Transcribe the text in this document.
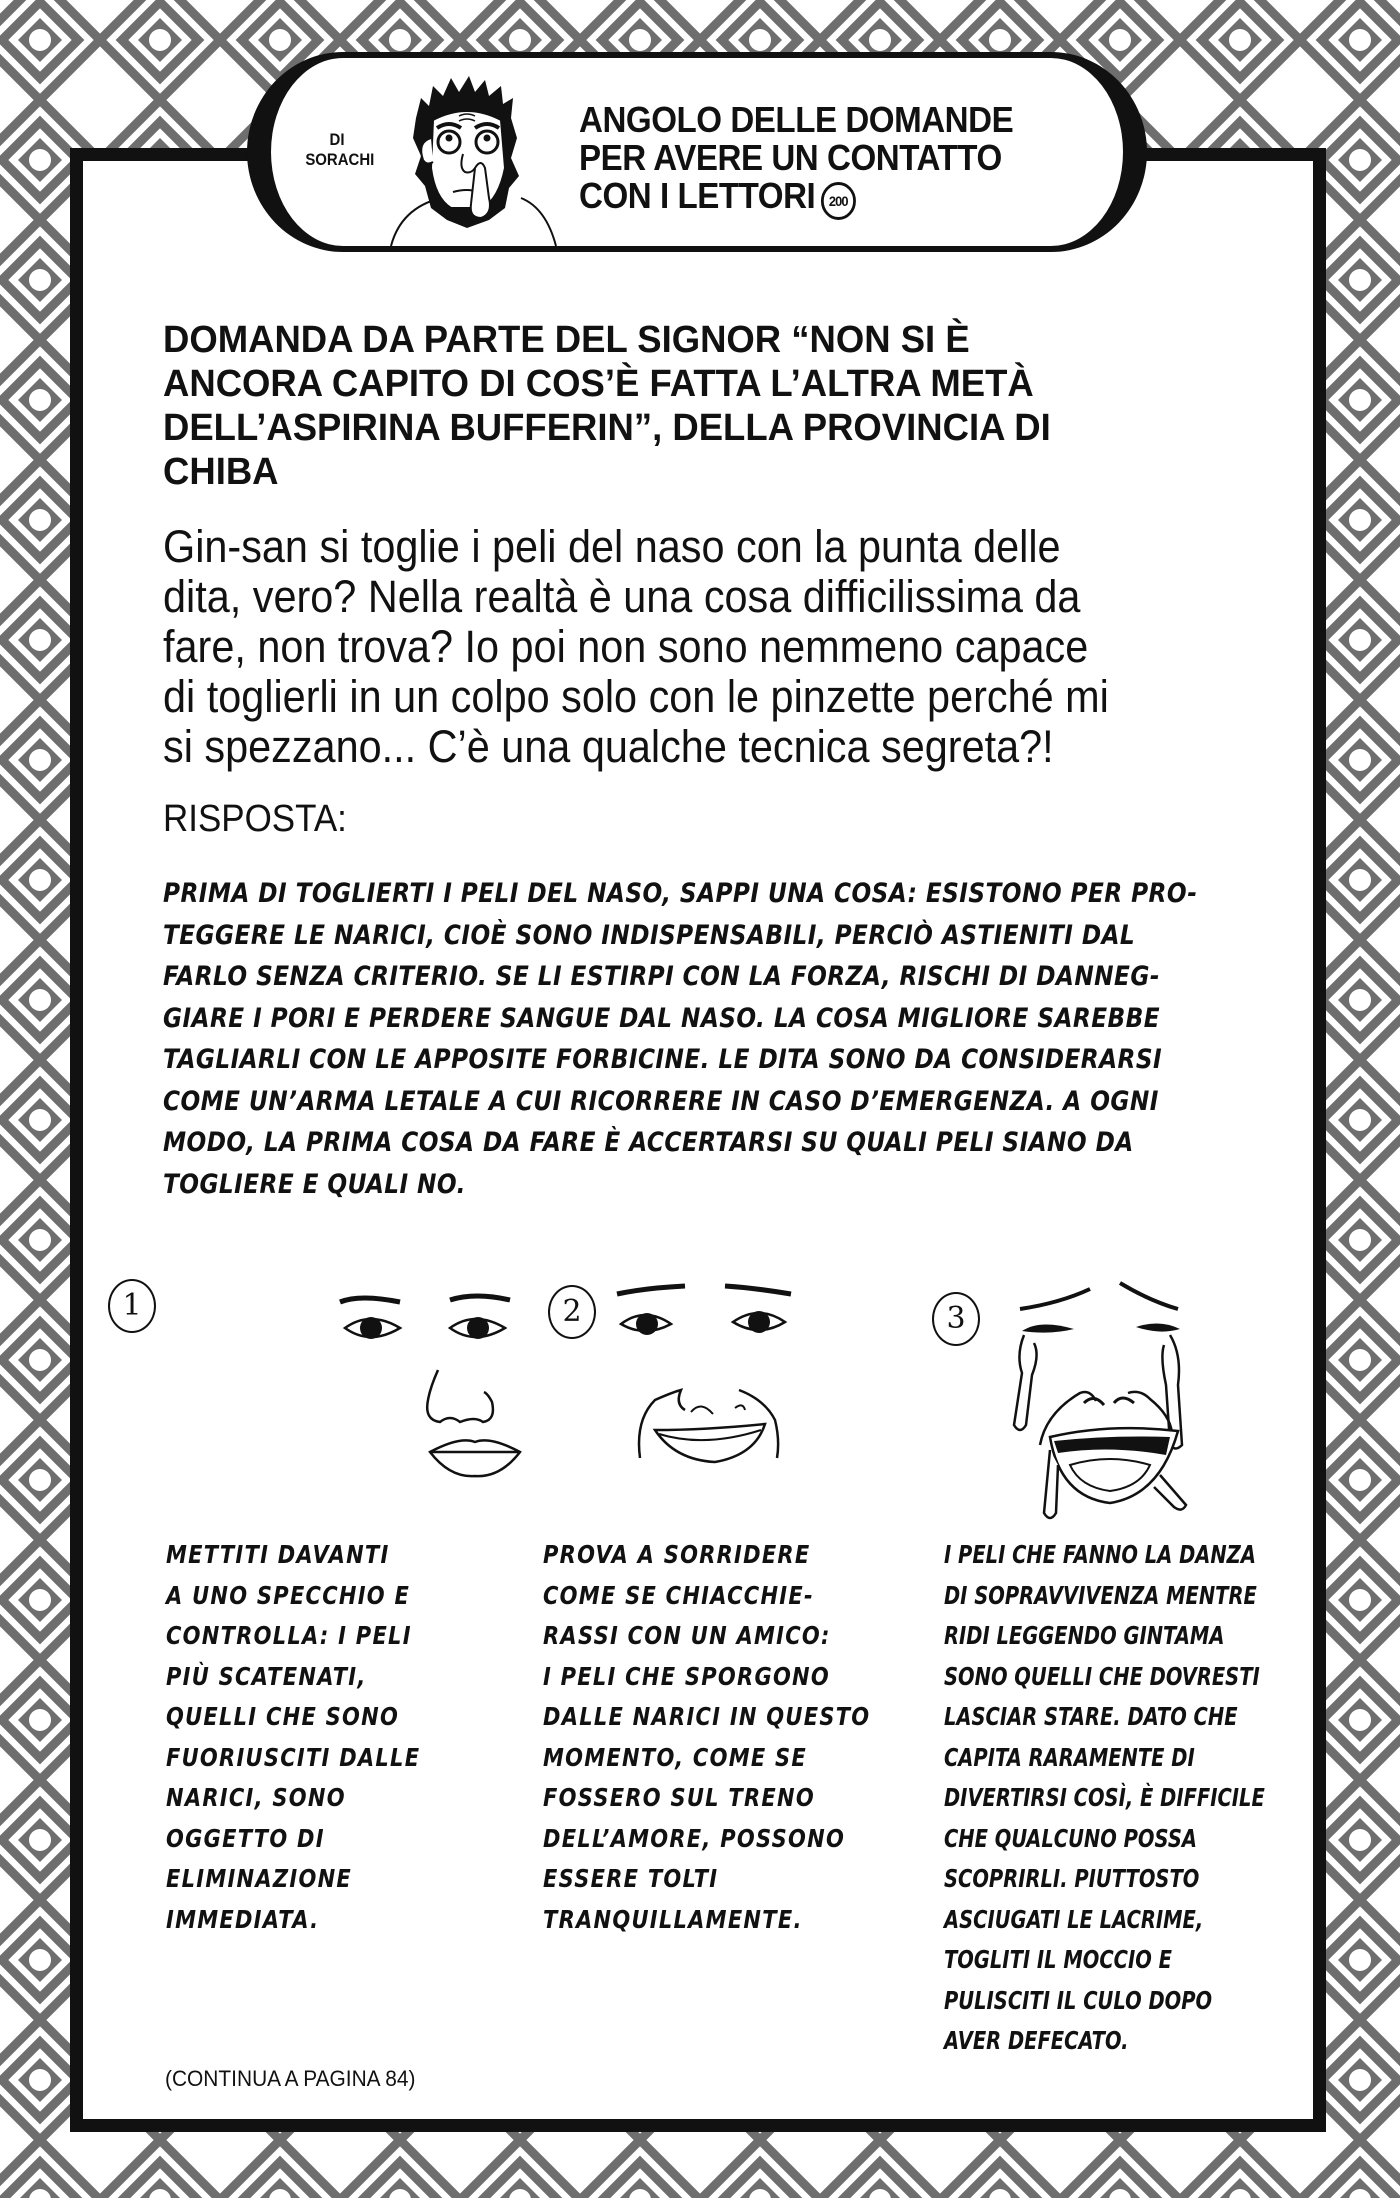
DI
SORACHI
ANGOLO DELLE DOMANDE
PER AVERE UN CONTATTO
CON I LETTORI 200
DOMANDA DA PARTE DEL SIGNOR “NON SI È
ANCORA CAPITO DI COS’È FATTA L’ALTRA METÀ
DELL’ASPIRINA BUFFERIN”, DELLA PROVINCIA DI
CHIBA
Gin-san si toglie i peli del naso con la punta delle
dita, vero? Nella realtà è una cosa difficilissima da
fare, non trova? Io poi non sono nemmeno capace
di toglierli in un colpo solo con le pinzette perché mi
si spezzano... C’è una qualche tecnica segreta?!
RISPOSTA:
PRIMA DI TOGLIERTI I PELI DEL NASO, SAPPI UNA COSA: ESISTONO PER PRO-
TEGGERE LE NARICI, CIOÈ SONO INDISPENSABILI, PERCIÒ ASTIENITI DAL
FARLO SENZA CRITERIO. SE LI ESTIRPI CON LA FORZA, RISCHI DI DANNEG-
GIARE I PORI E PERDERE SANGUE DAL NASO. LA COSA MIGLIORE SAREBBE
TAGLIARLI CON LE APPOSITE FORBICINE. LE DITA SONO DA CONSIDERARSI
COME UN’ARMA LETALE A CUI RICORRERE IN CASO D’EMERGENZA. A OGNI
MODO, LA PRIMA COSA DA FARE È ACCERTARSI SU QUALI PELI SIANO DA
TOGLIERE E QUALI NO.
1
METTITI DAVANTI
A UNO SPECCHIO E
CONTROLLA: I PELI
PIÙ SCATENATI,
QUELLI CHE SONO
FUORIUSCITI DALLE
NARICI, SONO
OGGETTO DI
ELIMINAZIONE
IMMEDIATA.
2
PROVA A SORRIDERE
COME SE CHIACCHIE-
RASSI CON UN AMICO:
I PELI CHE SPORGONO
DALLE NARICI IN QUESTO
MOMENTO, COME SE
FOSSERO SUL TRENO
DELL’AMORE, POSSONO
ESSERE TOLTI
TRANQUILLAMENTE.
3
I PELI CHE FANNO LA DANZA
DI SOPRAVVIVENZA MENTRE
RIDI LEGGENDO GINTAMA
SONO QUELLI CHE DOVRESTI
LASCIAR STARE. DATO CHE
CAPITA RARAMENTE DI
DIVERTIRSI COSÌ, È DIFFICILE
CHE QUALCUNO POSSA
SCOPRIRLI. PIUTTOSTO
ASCIUGATI LE LACRIME,
TOGLITI IL MOCCIO E
PULISCITI IL CULO DOPO
AVER DEFECATO.
(CONTINUA A PAGINA 84)
